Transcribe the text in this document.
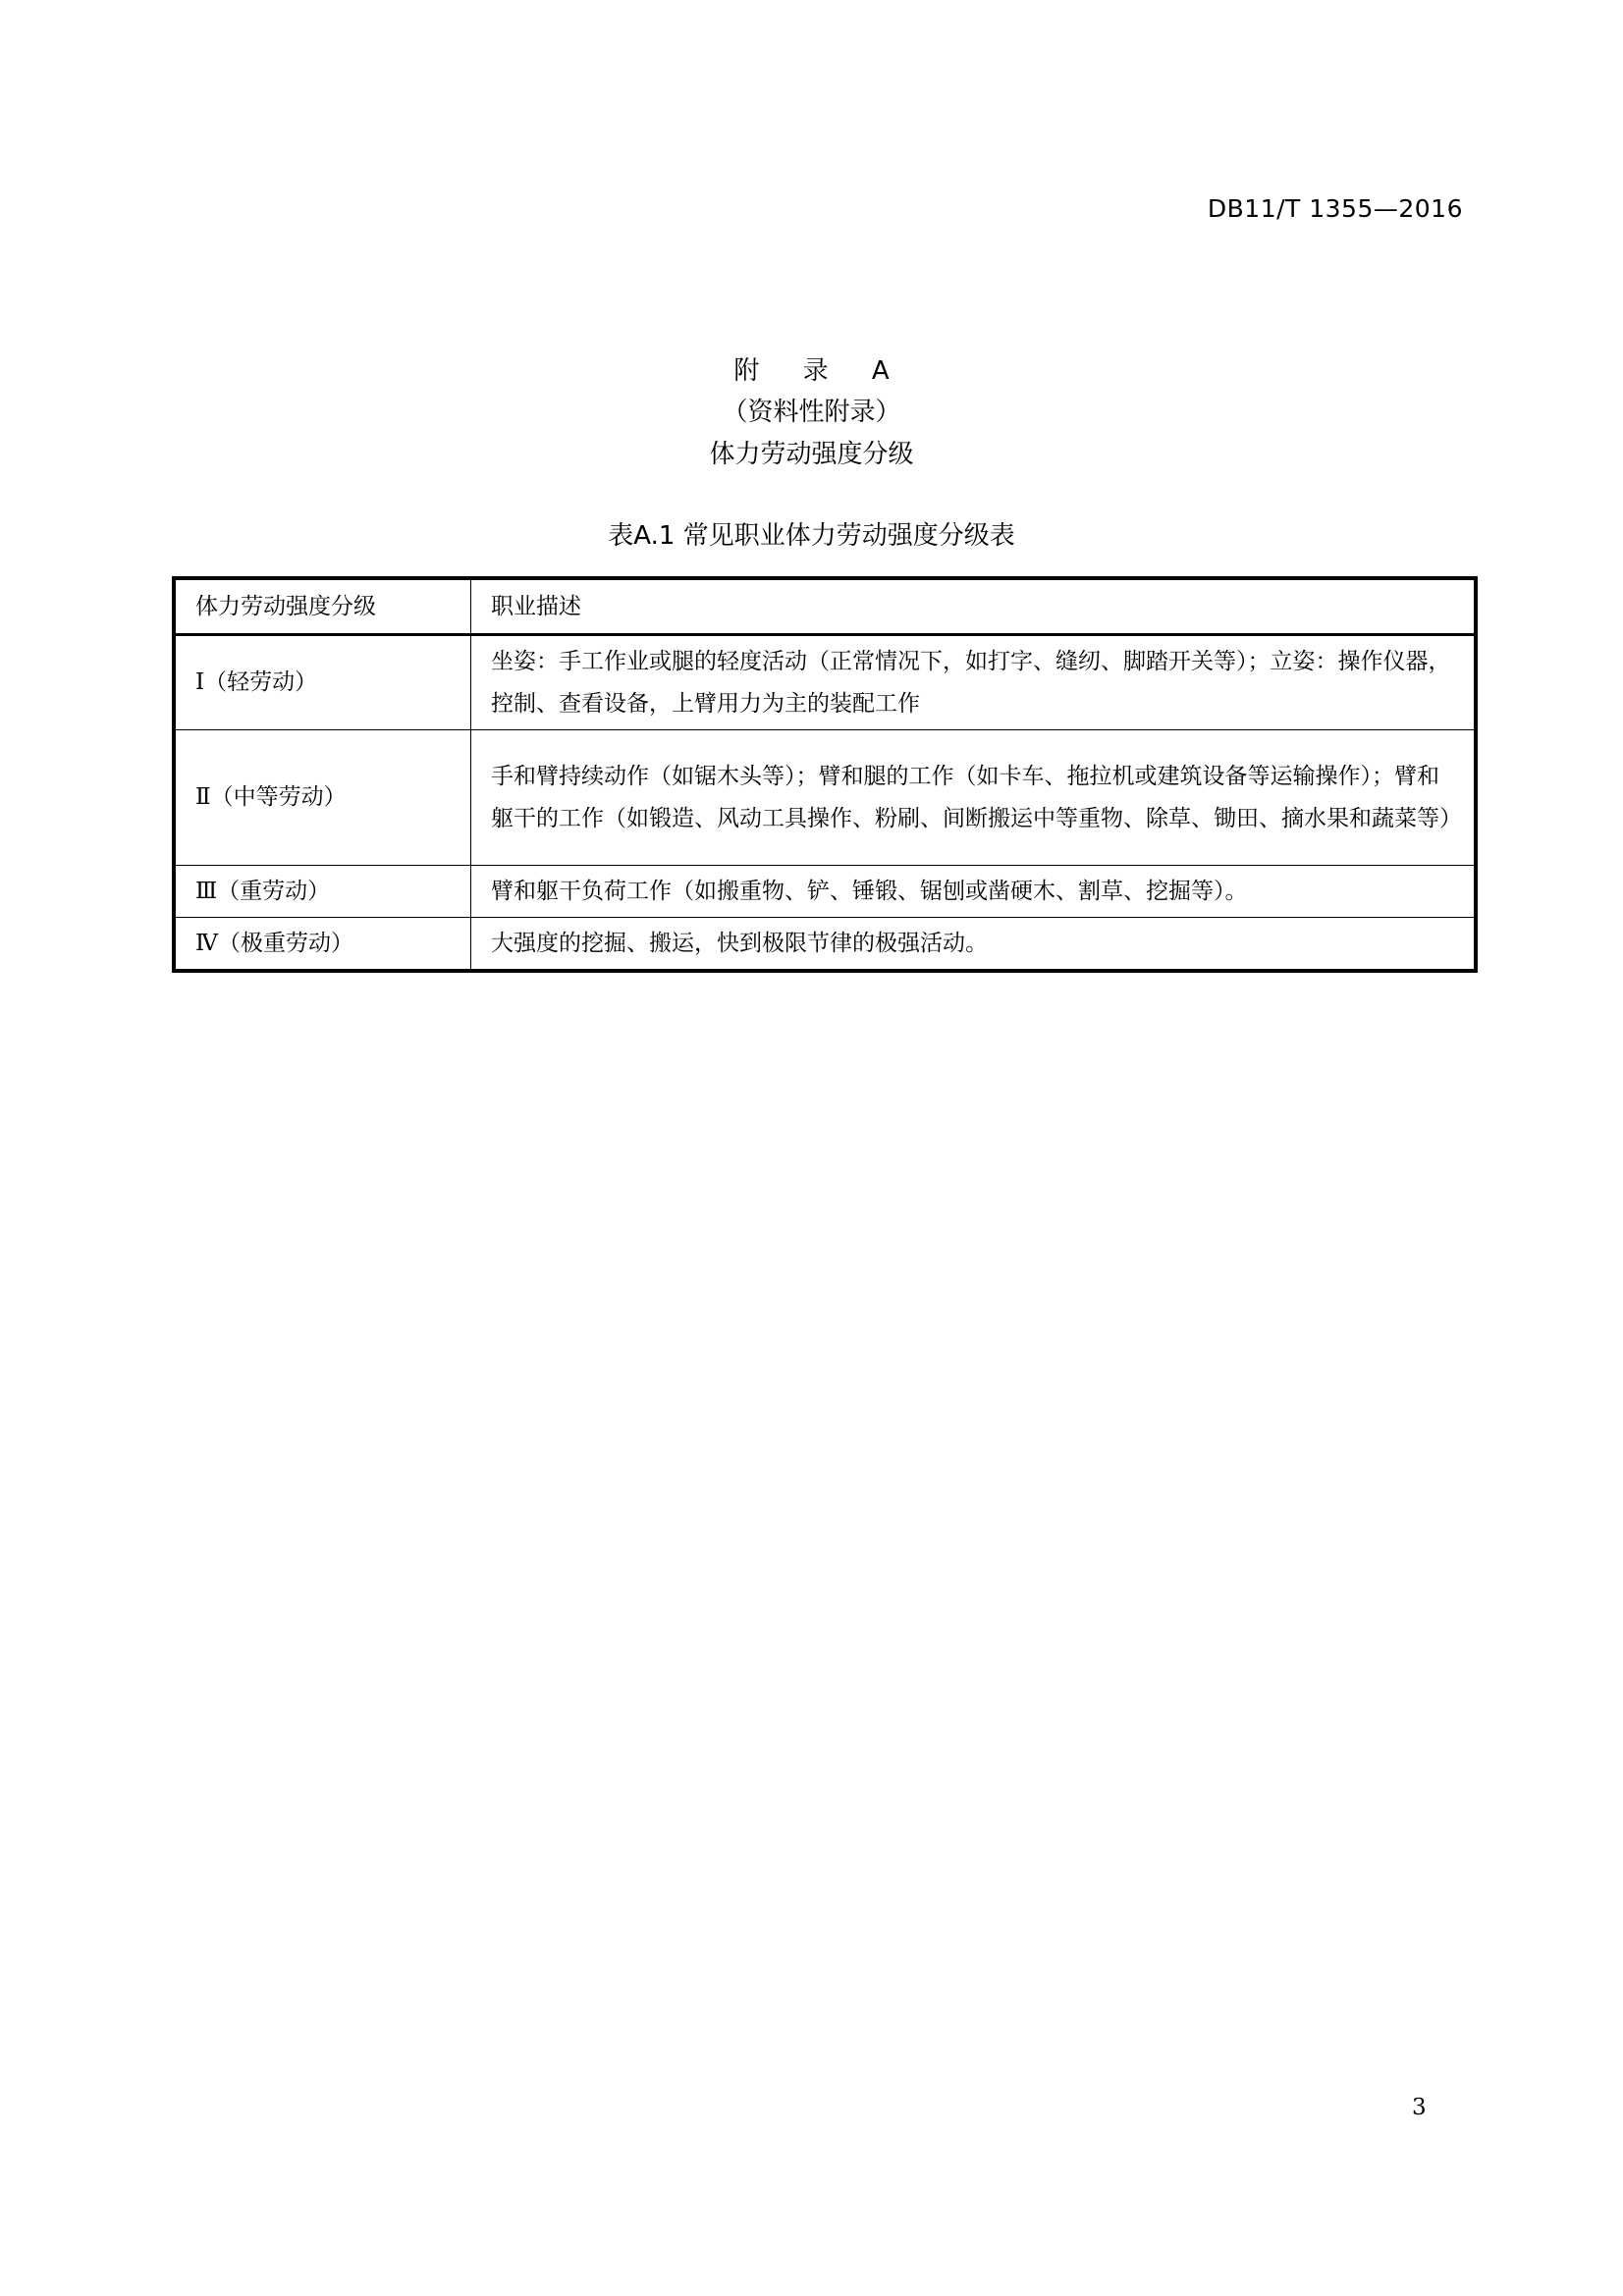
DB11/T 1355—2016
附 录 A
（资料性附录）
体力劳动强度分级
表A.1 常见职业体力劳动强度分级表
体力劳动强度分级	职业描述
Ⅰ（轻劳动）	坐姿：手工作业或腿的轻度活动（正常情况下，如打字、缝纫、脚踏开关等）；立姿：操作仪器，控制、查看设备，上臂用力为主的装配工作
Ⅱ（中等劳动）	手和臂持续动作（如锯木头等）；臂和腿的工作（如卡车、拖拉机或建筑设备等运输操作）；臂和躯干的工作（如锻造、风动工具操作、粉刷、间断搬运中等重物、除草、锄田、摘水果和蔬菜等）
Ⅲ（重劳动）	臂和躯干负荷工作（如搬重物、铲、锤锻、锯刨或凿硬木、割草、挖掘等）。
Ⅳ（极重劳动）	大强度的挖掘、搬运，快到极限节律的极强活动。
3
